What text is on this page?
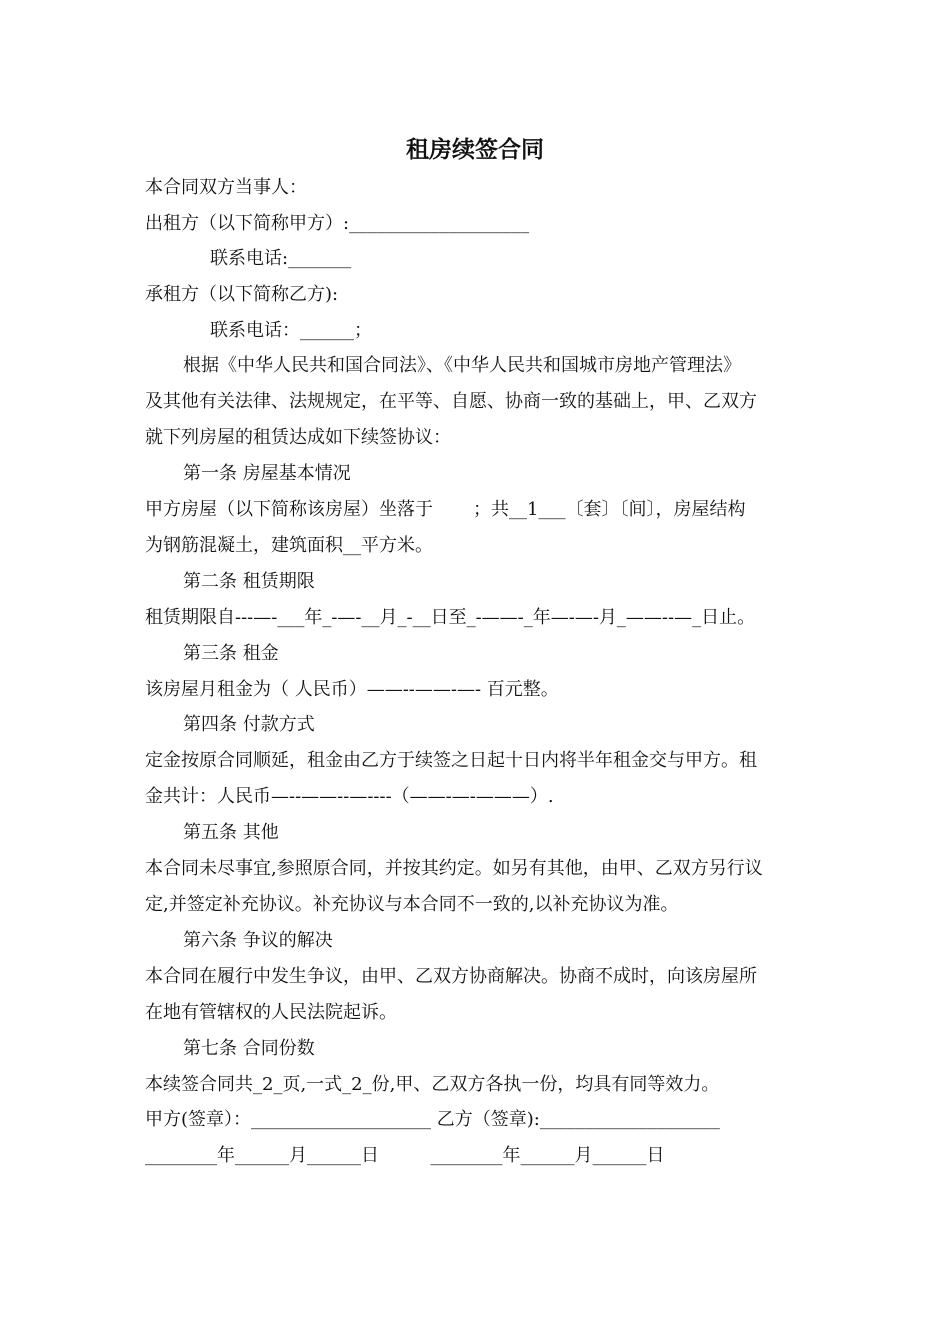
租房续签合同
本合同双方当事人：
出租方（以下简称甲方）:____________________
联系电话:_______
承租方（以下简称乙方):
联系电话：______；
根据《中华人民共和国合同法》、《中华人民共和国城市房地产管理法》
及其他有关法律、法规规定，在平等、自愿、协商一致的基础上，甲、乙双方
就下列房屋的租赁达成如下续签协议：
第一条 房屋基本情况
甲方房屋（以下简称该房屋）坐落于       ；共__1___〔套〕〔间〕，房屋结构
为钢筋混凝土，建筑面积__平方米。
第二条 租赁期限
租赁期限自---—-___年_-—-__月_-__日至_-——-_年—-—-月_——--—_日止。
第三条 租金
该房屋月租金为（ 人民币）——--——-—- 百元整。
第四条 付款方式
定金按原合同顺延，租金由乙方于续签之日起十日内将半年租金交与甲方。租
金共计：人民币—--——--—----（——-—-———）.
第五条 其他
本合同未尽事宜,参照原合同，并按其约定。如另有其他，由甲、乙双方另行议
定,并签定补充协议。补充协议与本合同不一致的,以补充协议为准。
第六条 争议的解决
本合同在履行中发生争议，由甲、乙双方协商解决。协商不成时，向该房屋所
在地有管辖权的人民法院起诉。
第七条 合同份数
本续签合同共_2_页,一式_2_份,甲、乙双方各执一份，均具有同等效力。
甲方(签章）：____________________ 乙方（签章):____________________
________年______月______日         ________年______月______日
